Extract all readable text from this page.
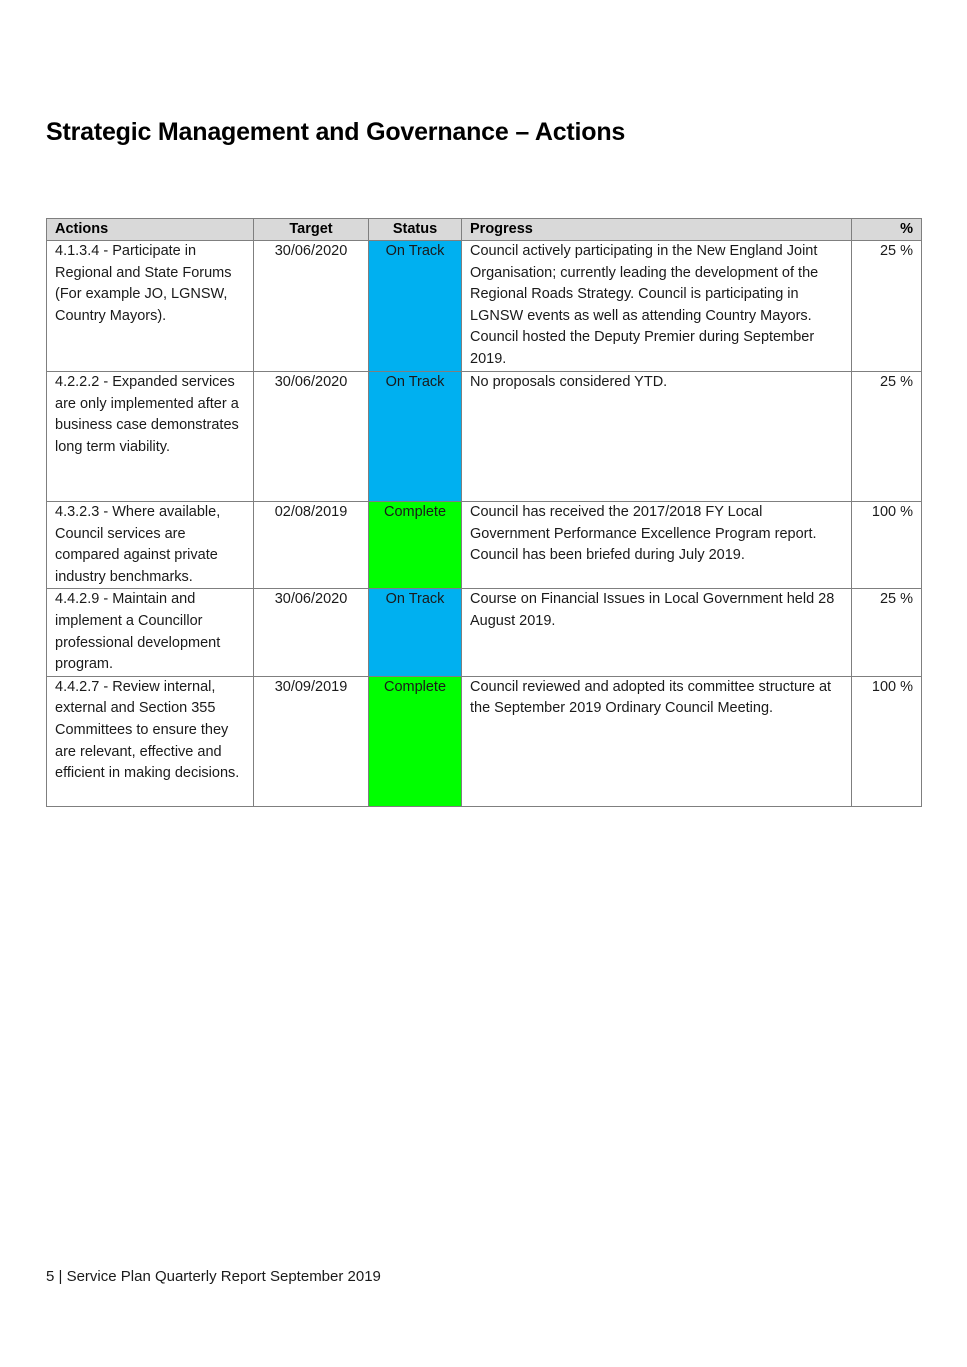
Strategic Management and Governance – Actions
Actions	Target	Status	Progress	%
4.1.3.4 - Participate in Regional and State Forums (For example JO, LGNSW, Country Mayors).	30/06/2020	On Track	Council actively participating in the New England Joint Organisation; currently leading the development of the Regional Roads Strategy. Council is participating in LGNSW events as well as attending Country Mayors. Council hosted the Deputy Premier during September 2019.	25 %
4.2.2.2 - Expanded services are only implemented after a business case demonstrates long term viability.	30/06/2020	On Track	No proposals considered YTD.	25 %
4.3.2.3 - Where available, Council services are compared against private industry benchmarks.	02/08/2019	Complete	Council has received the 2017/2018 FY Local Government Performance Excellence Program report. Council has been briefed during July 2019.	100 %
4.4.2.9 - Maintain and implement a Councillor professional development program.	30/06/2020	On Track	Course on Financial Issues in Local Government held 28 August 2019.	25 %
4.4.2.7 - Review internal, external and Section 355 Committees to ensure they are relevant, effective and efficient in making decisions.	30/09/2019	Complete	Council reviewed and adopted its committee structure at the September 2019 Ordinary Council Meeting.	100 %
5 | Service Plan Quarterly Report September 2019
